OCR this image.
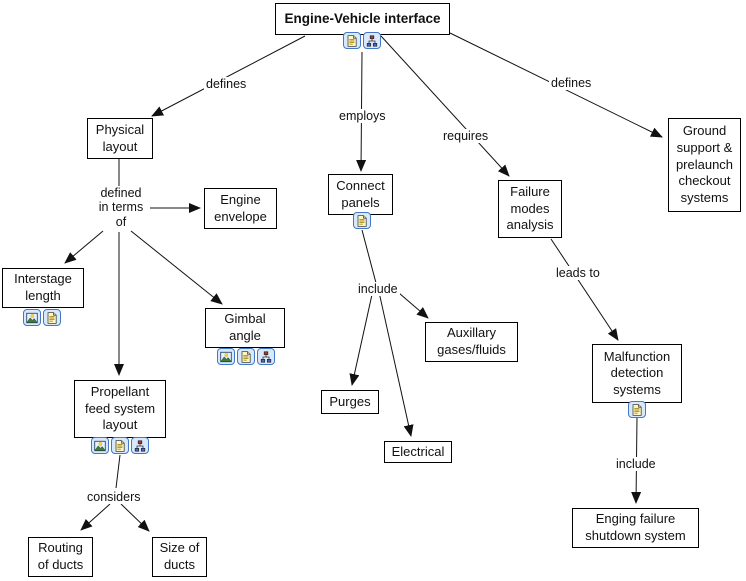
Engine-Vehicle interface
Physical layout
Engine envelope
Interstage length
Gimbal angle
Propellant feed system layout
Routing of ducts
Size of ducts
Connect panels
Purges
Electrical
Auxillary gases/fluids
Failure modes analysis
Malfunction detection systems
Ground support & prelaunch checkout systems
Enging failure shutdown system
defines
employs
requires
defines
defined in terms of
include
leads to
considers
include
